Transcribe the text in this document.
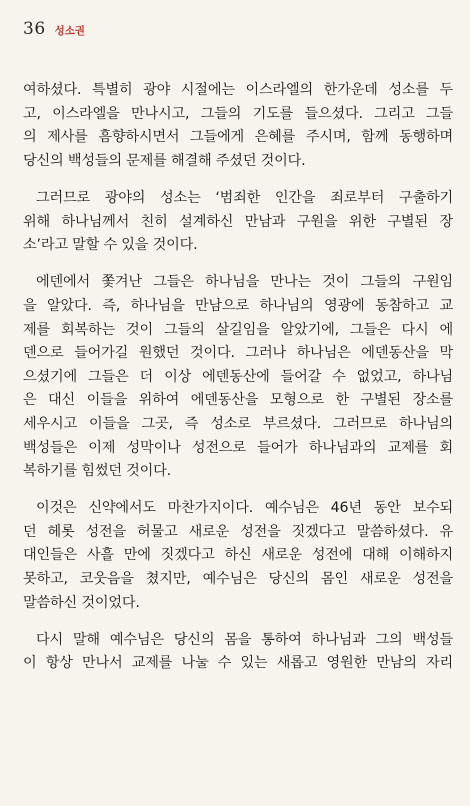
36 성소권
여하셨다. 특별히 광야 시절에는 이스라엘의 한가운데 성소를 두
고, 이스라엘을 만나시고, 그들의 기도를 들으셨다. 그리고 그들
의 제사를 흠향하시면서 그들에게 은혜를 주시며, 함께 동행하며
당신의 백성들의 문제를 해결해 주셨던 것이다.
그러므로 광야의 성소는 ‘범죄한 인간을 죄로부터 구출하기
위해 하나님께서 친히 설계하신 만남과 구원을 위한 구별된 장
소’라고 말할 수 있을 것이다.
에덴에서 쫓겨난 그들은 하나님을 만나는 것이 그들의 구원임
을 알았다. 즉, 하나님을 만남으로 하나님의 영광에 동참하고 교
제를 회복하는 것이 그들의 살길임을 알았기에, 그들은 다시 에
덴으로 들어가길 원했던 것이다. 그러나 하나님은 에덴동산을 막
으셨기에 그들은 더 이상 에덴동산에 들어갈 수 없었고, 하나님
은 대신 이들을 위하여 에덴동산을 모형으로 한 구별된 장소를
세우시고 이들을 그곳, 즉 성소로 부르셨다. 그러므로 하나님의
백성들은 이제 성막이나 성전으로 들어가 하나님과의 교제를 회
복하기를 힘썼던 것이다.
이것은 신약에서도 마찬가지이다. 예수님은 46년 동안 보수되
던 헤롯 성전을 허물고 새로운 성전을 짓겠다고 말씀하셨다. 유
대인들은 사흘 만에 짓겠다고 하신 새로운 성전에 대해 이해하지
못하고, 코웃음을 쳤지만, 예수님은 당신의 몸인 새로운 성전을
말씀하신 것이었다.
다시 말해 예수님은 당신의 몸을 통하여 하나님과 그의 백성들
이 항상 만나서 교제를 나눌 수 있는 새롭고 영원한 만남의 자리
